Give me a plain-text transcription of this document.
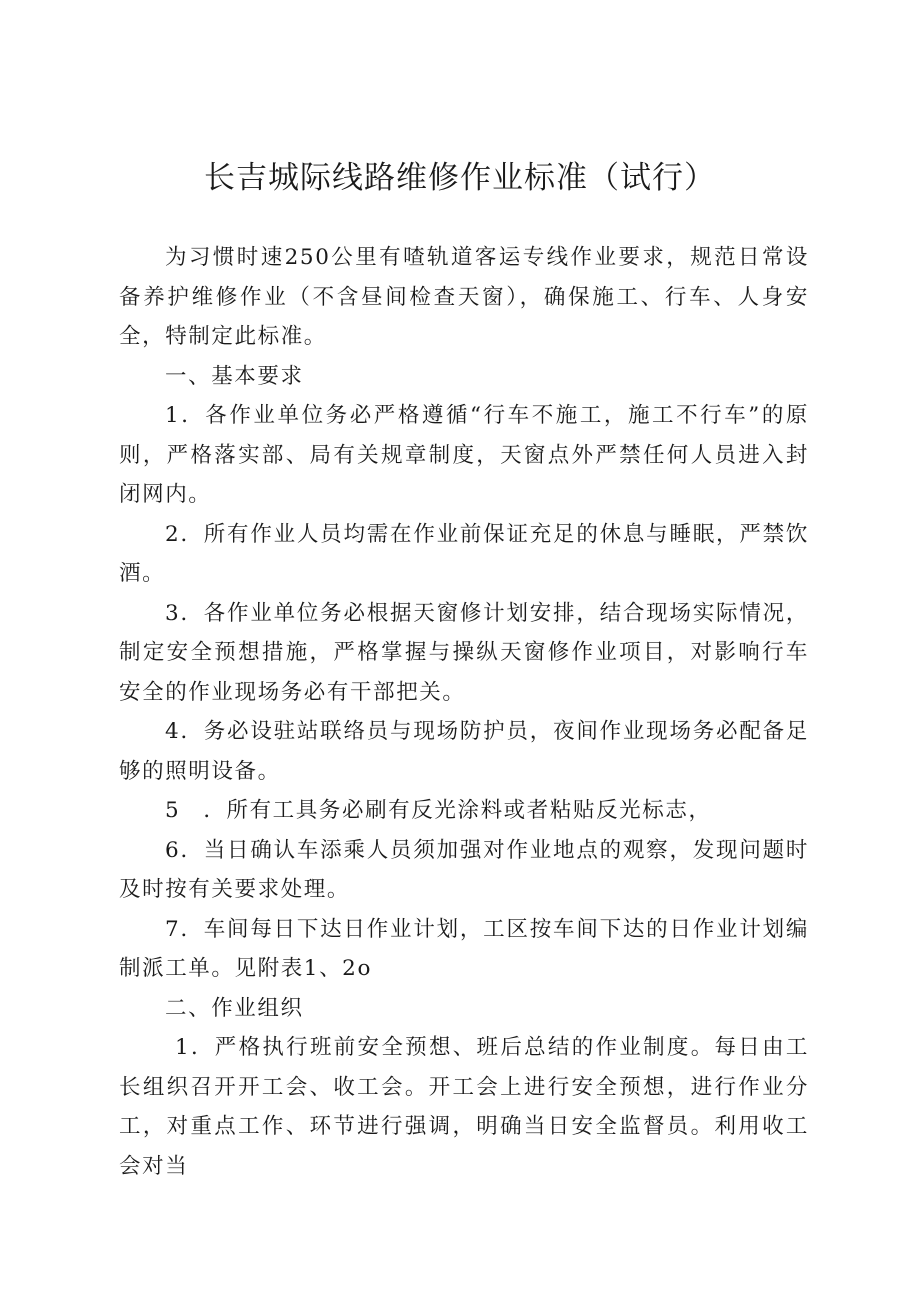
长吉城际线路维修作业标准（试行）

为习惯时速250公里有喳轨道客运专线作业要求，规范日常设备养护维修作业（不含昼间检查天窗），确保施工、行车、人身安全，特制定此标准。

一、基本要求

1．各作业单位务必严格遵循“行车不施工，施工不行车”的原则，严格落实部、局有关规章制度，天窗点外严禁任何人员进入封闭网内。

2．所有作业人员均需在作业前保证充足的休息与睡眠，严禁饮酒。

3．各作业单位务必根据天窗修计划安排，结合现场实际情况，制定安全预想措施，严格掌握与操纵天窗修作业项目，对影响行车安全的作业现场务必有干部把关。

4．务必设驻站联络员与现场防护员，夜间作业现场务必配备足够的照明设备。

5　．所有工具务必刷有反光涂料或者粘贴反光标志，

6．当日确认车添乘人员须加强对作业地点的观察，发现问题时及时按有关要求处理。

7．车间每日下达日作业计划，工区按车间下达的日作业计划编制派工单。见附表1、2o

二、作业组织

1．严格执行班前安全预想、班后总结的作业制度。每日由工长组织召开开工会、收工会。开工会上进行安全预想，进行作业分工，对重点工作、环节进行强调，明确当日安全监督员。利用收工会对当
